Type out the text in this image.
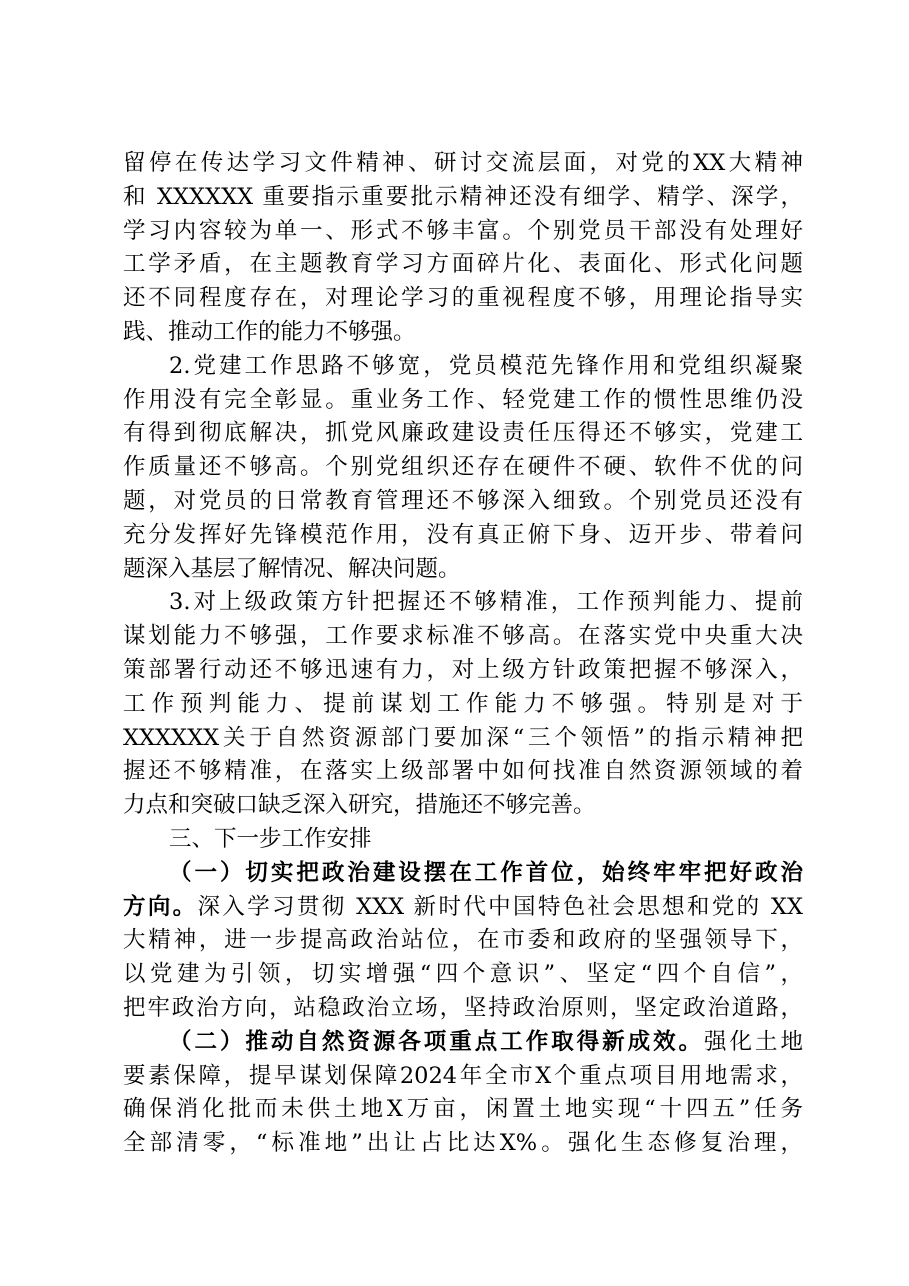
留停在传达学习文件精神、研讨交流层面，对党的XX大精神
和 XXXXXX 重要指示重要批示精神还没有细学、精学、深学，
学习内容较为单一、形式不够丰富。个别党员干部没有处理好
工学矛盾，在主题教育学习方面碎片化、表面化、形式化问题
还不同程度存在，对理论学习的重视程度不够，用理论指导实
践、推动工作的能力不够强。
2.党建工作思路不够宽，党员模范先锋作用和党组织凝聚
作用没有完全彰显。重业务工作、轻党建工作的惯性思维仍没
有得到彻底解决，抓党风廉政建设责任压得还不够实，党建工
作质量还不够高。个别党组织还存在硬件不硬、软件不优的问
题，对党员的日常教育管理还不够深入细致。个别党员还没有
充分发挥好先锋模范作用，没有真正俯下身、迈开步、带着问
题深入基层了解情况、解决问题。
3.对上级政策方针把握还不够精准，工作预判能力、提前
谋划能力不够强，工作要求标准不够高。在落实党中央重大决
策部署行动还不够迅速有力，对上级方针政策把握不够深入，
工作预判能力、提前谋划工作能力不够强。特别是对于
XXXXXX关于自然资源部门要加深“三个领悟”的指示精神把
握还不够精准，在落实上级部署中如何找准自然资源领域的着
力点和突破口缺乏深入研究，措施还不够完善。
三、下一步工作安排
（一）切实把政治建设摆在工作首位，始终牢牢把好政治
方向。深入学习贯彻 XXX 新时代中国特色社会思想和党的 XX
大精神，进一步提高政治站位，在市委和政府的坚强领导下，
以党建为引领，切实增强“四个意识”、坚定“四个自信”，
把牢政治方向，站稳政治立场，坚持政治原则，坚定政治道路，
（二）推动自然资源各项重点工作取得新成效。强化土地
要素保障，提早谋划保障2024年全市X个重点项目用地需求，
确保消化批而未供土地X万亩，闲置土地实现“十四五”任务
全部清零，“标准地”出让占比达X%。强化生态修复治理，
